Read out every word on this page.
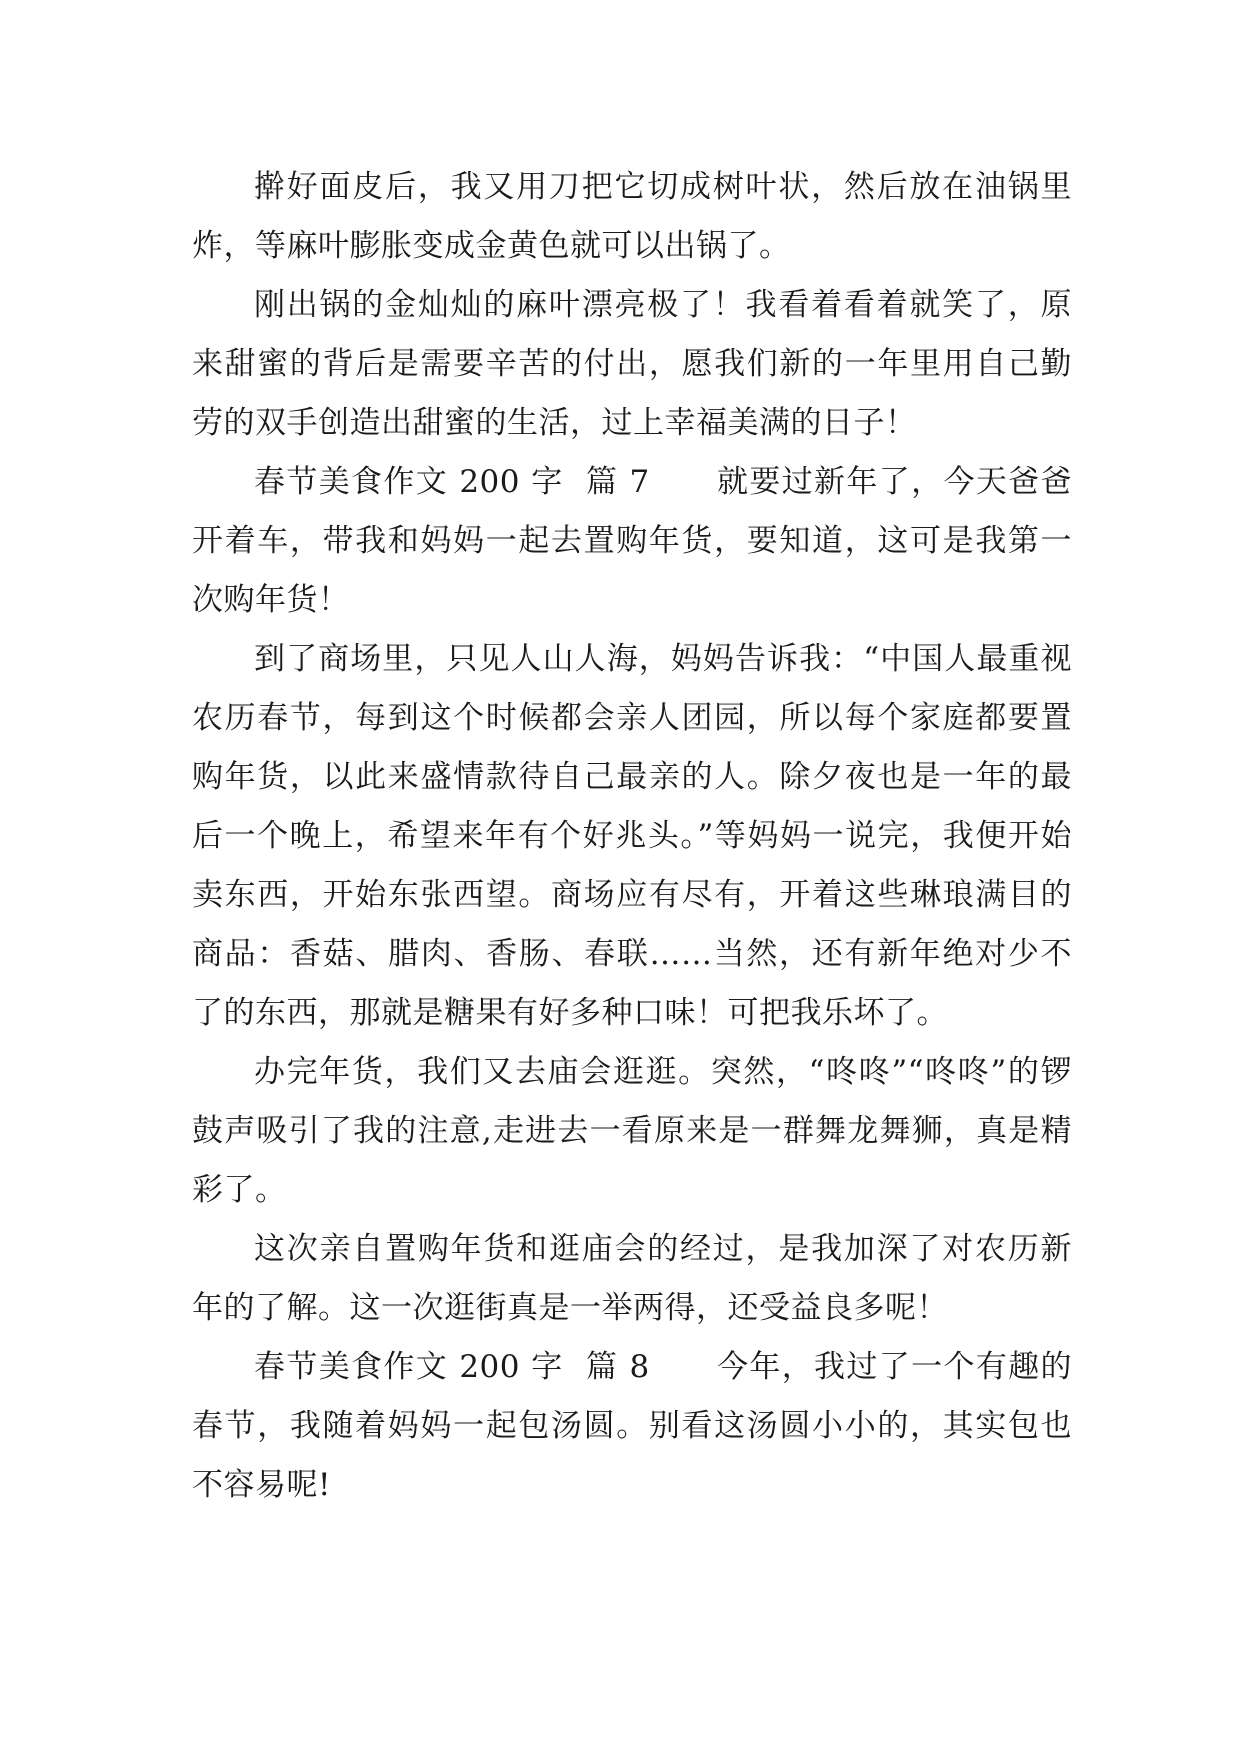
擀好面皮后，我又用刀把它切成树叶状，然后放在油锅里炸，等麻叶膨胀变成金黄色就可以出锅了。

刚出锅的金灿灿的麻叶漂亮极了！我看着看着就笑了，原来甜蜜的背后是需要辛苦的付出，愿我们新的一年里用自己勤劳的双手创造出甜蜜的生活，过上幸福美满的日子！

春节美食作文 200 字  篇 7 就要过新年了，今天爸爸开着车，带我和妈妈一起去置购年货，要知道，这可是我第一次购年货！

到了商场里，只见人山人海，妈妈告诉我：“中国人最重视农历春节，每到这个时候都会亲人团园，所以每个家庭都要置购年货，以此来盛情款待自己最亲的人。除夕夜也是一年的最后一个晚上，希望来年有个好兆头。”等妈妈一说完，我便开始卖东西，开始东张西望。商场应有尽有，开着这些琳琅满目的商品：香菇、腊肉、香肠、春联……当然，还有新年绝对少不了的东西，那就是糖果有好多种口味！可把我乐坏了。

办完年货，我们又去庙会逛逛。突然，“咚咚”“咚咚”的锣鼓声吸引了我的注意,走进去一看原来是一群舞龙舞狮，真是精彩了。

这次亲自置购年货和逛庙会的经过，是我加深了对农历新年的了解。这一次逛街真是一举两得，还受益良多呢！

春节美食作文 200 字  篇 8 今年，我过了一个有趣的春节，我随着妈妈一起包汤圆。别看这汤圆小小的，其实包也不容易呢!
